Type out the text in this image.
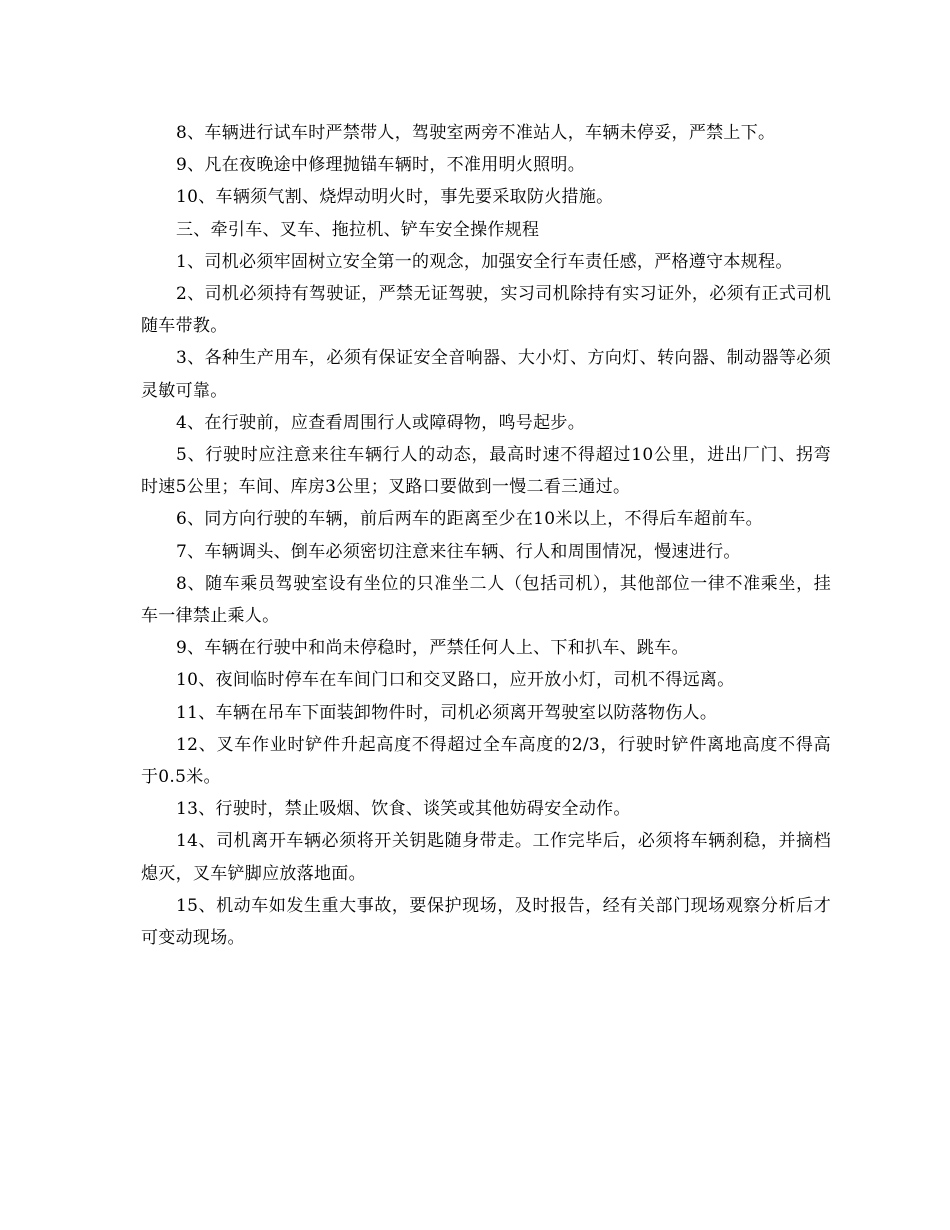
8、车辆进行试车时严禁带人，驾驶室两旁不准站人，车辆未停妥，严禁上下。

9、凡在夜晚途中修理抛锚车辆时，不准用明火照明。

10、车辆须气割、烧焊动明火时，事先要采取防火措施。

三、牵引车、叉车、拖拉机、铲车安全操作规程

1、司机必须牢固树立安全第一的观念，加强安全行车责任感，严格遵守本规程。

2、司机必须持有驾驶证，严禁无证驾驶，实习司机除持有实习证外，必须有正式司机随车带教。

3、各种生产用车，必须有保证安全音响器、大小灯、方向灯、转向器、制动器等必须灵敏可靠。

4、在行驶前，应查看周围行人或障碍物，鸣号起步。

5、行驶时应注意来往车辆行人的动态，最高时速不得超过10公里，进出厂门、拐弯时速5公里；车间、库房3公里；叉路口要做到一慢二看三通过。

6、同方向行驶的车辆，前后两车的距离至少在10米以上，不得后车超前车。

7、车辆调头、倒车必须密切注意来往车辆、行人和周围情况，慢速进行。

8、随车乘员驾驶室设有坐位的只准坐二人（包括司机），其他部位一律不准乘坐，挂车一律禁止乘人。

9、车辆在行驶中和尚未停稳时，严禁任何人上、下和扒车、跳车。

10、夜间临时停车在车间门口和交叉路口，应开放小灯，司机不得远离。

11、车辆在吊车下面装卸物件时，司机必须离开驾驶室以防落物伤人。

12、叉车作业时铲件升起高度不得超过全车高度的2/3，行驶时铲件离地高度不得高于0.5米。

13、行驶时，禁止吸烟、饮食、谈笑或其他妨碍安全动作。

14、司机离开车辆必须将开关钥匙随身带走。工作完毕后，必须将车辆刹稳，并摘档熄灭，叉车铲脚应放落地面。

15、机动车如发生重大事故，要保护现场，及时报告，经有关部门现场观察分析后才可变动现场。
